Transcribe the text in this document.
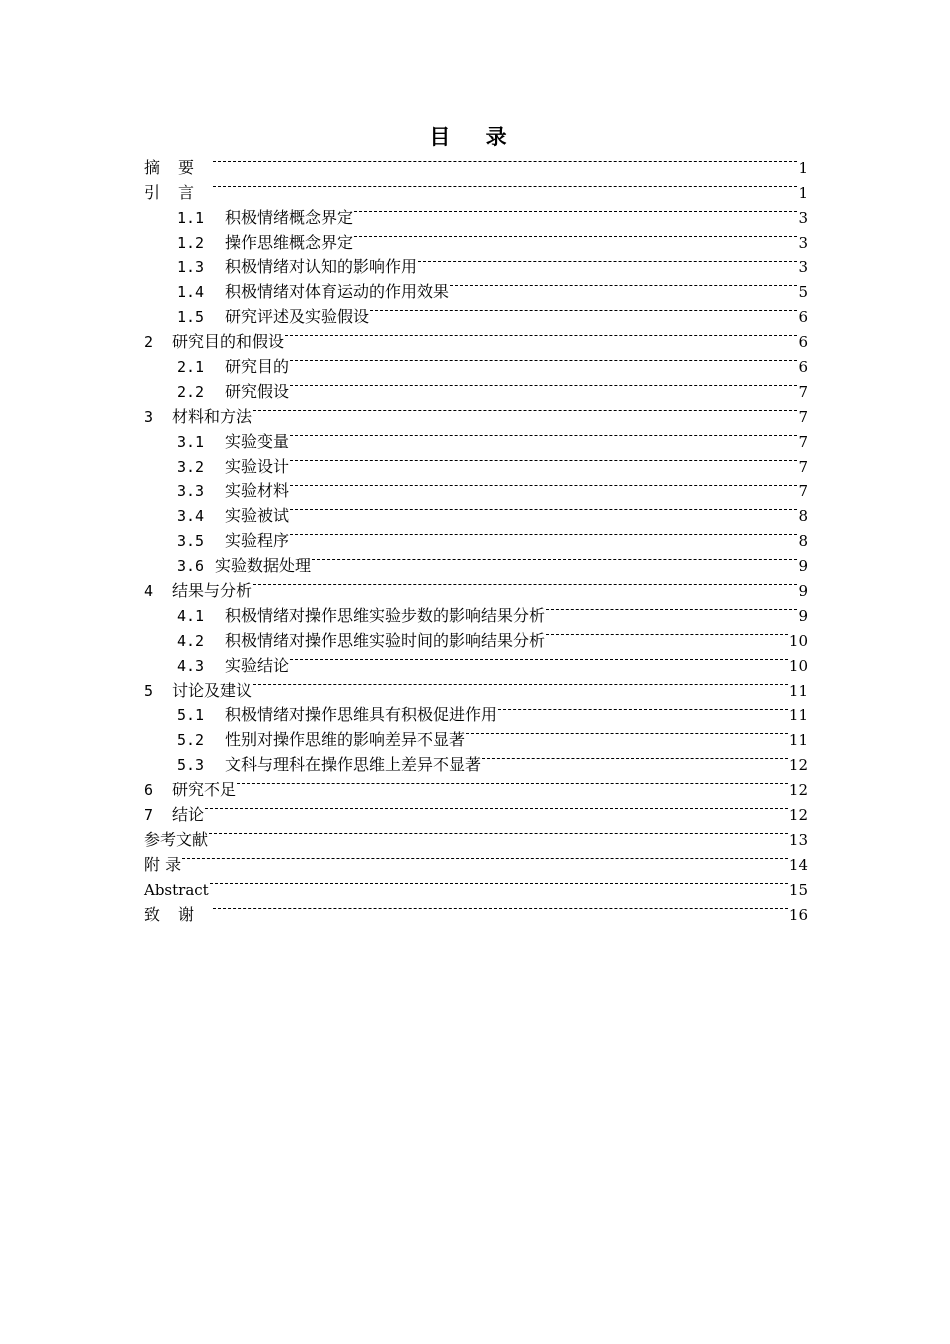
目 录
摘要	1
引言	1
1.1	积极情绪概念界定	3
1.2	操作思维概念界定	3
1.3	积极情绪对认知的影响作用	3
1.4	积极情绪对体育运动的作用效果	5
1.5	研究评述及实验假设	6
2	研究目的和假设	6
2.1	研究目的	6
2.2	研究假设	7
3	材料和方法	7
3.1	实验变量	7
3.2	实验设计	7
3.3	实验材料	7
3.4	实验被试	8
3.5	实验程序	8
3.6 实验数据处理	9
4	结果与分析	9
4.1	积极情绪对操作思维实验步数的影响结果分析	9
4.2	积极情绪对操作思维实验时间的影响结果分析	10
4.3	实验结论	10
5	讨论及建议	11
5.1	积极情绪对操作思维具有积极促进作用	11
5.2	性别对操作思维的影响差异不显著	11
5.3	文科与理科在操作思维上差异不显著	12
6	研究不足	12
7	结论	12
参考文献	13
附 录	14
Abstract	15
致谢	16
